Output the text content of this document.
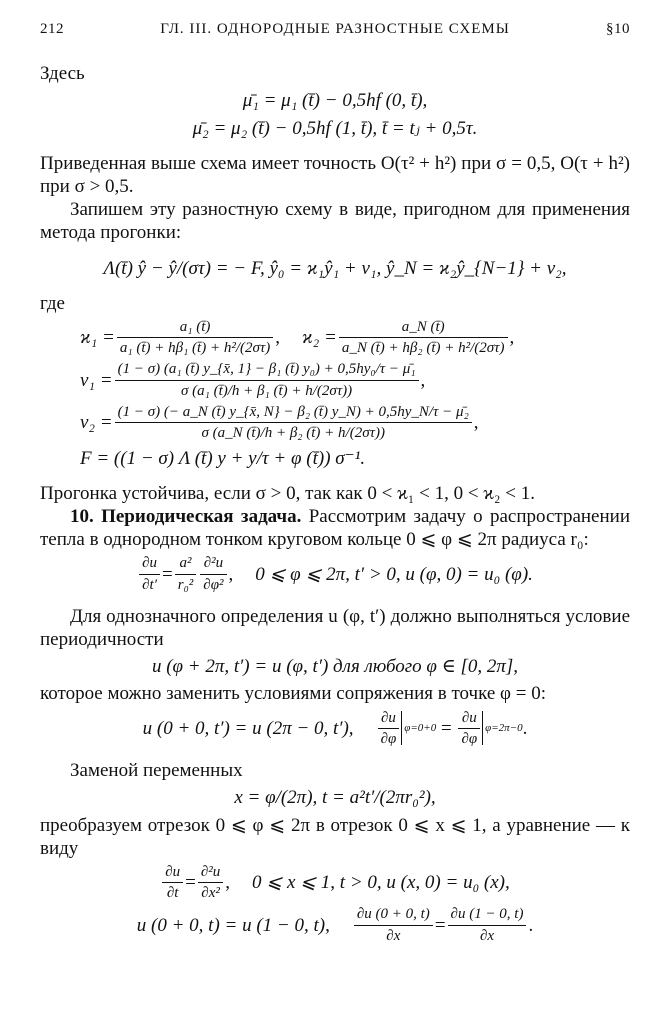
212	ГЛ. III. ОДНОРОДНЫЕ РАЗНОСТНЫЕ СХЕМЫ	§10

Здесь

μ̄₁ = μ₁ (t̄) − 0,5hf (0, t̄),
μ̄₂ = μ₂ (t̄) − 0,5hf (1, t̄), t̄ = tⱼ + 0,5τ.

Приведенная выше схема имеет точность O(τ² + h²) при σ = 0,5, O(τ + h²) при σ > 0,5.

Запишем эту разностную схему в виде, пригодном для применения метода прогонки:

Λ(t̄) ŷ − ŷ/(στ) = − F, ŷ₀ = ϰ₁ŷ₁ + ν₁, ŷ_N = ϰ₂ŷ_{N−1} + ν₂,

где

$ϰ_1 = \frac{\text{a₁ (t̄)}}{\text{a₁ (t̄) + hβ₁ (t̄) + h²/(2στ)}}$ , $ϰ_2 = \frac{a\_N (t̄)}{\text{a\_N (t̄) + hβ₂ (t̄) + h²/(2στ)}}$ ,
$\nu_1 = \frac{\text{(1 − σ) (a₁ (t̄) y\_\{x̄, 1\} − β₁ (t̄) y₀) + 0,5hy₀/τ − μ̄₁}}{\text{σ (a₁ (t̄)/h + β₁ (t̄) + h/(2στ))}}$ ,
ν₂ =
(1 − σ) (− a_N (t̄) y_{x̄, N} − β₂ (t̄) y_N) + 0,5hy_N/τ − μ̄₂
σ (a_N (t̄)/h + β₂ (t̄) + h/(2στ))
,
F = ((1 − σ) Λ (t̄) y + y/τ + φ (t̄)) σ⁻¹.

Прогонка устойчива, если σ > 0, так как 0 < ϰ₁ < 1, 0 < ϰ₂ < 1.

10. Периодическая задача. Рассмотрим задачу о распространении тепла в однородном тонком круговом кольце 0 ⩽ φ ⩽ 2π радиуса r₀:

$\frac{\partial u}{\partial t'} = \frac{\text{a²}}{\text{r₀²}} \frac{\text{∂²u}}{\text{∂φ²}}$ , 0 ⩽ φ ⩽ 2π, t′ > 0, u (φ, 0) = u₀ (φ).

Для однозначного определения u (φ, t′) должно выполняться условие периодичности

u (φ + 2π, t′) = u (φ, t′) для любого φ ∈ [0, 2π],

которое можно заменить условиями сопряжения в точке φ = 0:

u (0 + 0, t′) = u (2π − 0, t′), $\frac{\partial u}{\partial\varphi} \varphi=0+0 = \frac{\partial u}{\partial\varphi} \varphi=2\pi-0$ .

Заменой переменных

x = φ/(2π), t = a²t′/(2πr₀²),

преобразуем отрезок 0 ⩽ φ ⩽ 2π в отрезок 0 ⩽ x ⩽ 1, а уравнение — к виду

$\frac{\partial u}{\partial t} = \frac{\text{∂²u}}{\text{∂x²}}$ , 0 ⩽ x ⩽ 1, t > 0, u (x, 0) = u₀ (x),
u (0 + 0, t) = u (1 − 0, t), $\frac{\partial u (0 + 0, t)}{\partial x} = \frac{\partial u (1 - 0, t)}{\partial x}$ .
